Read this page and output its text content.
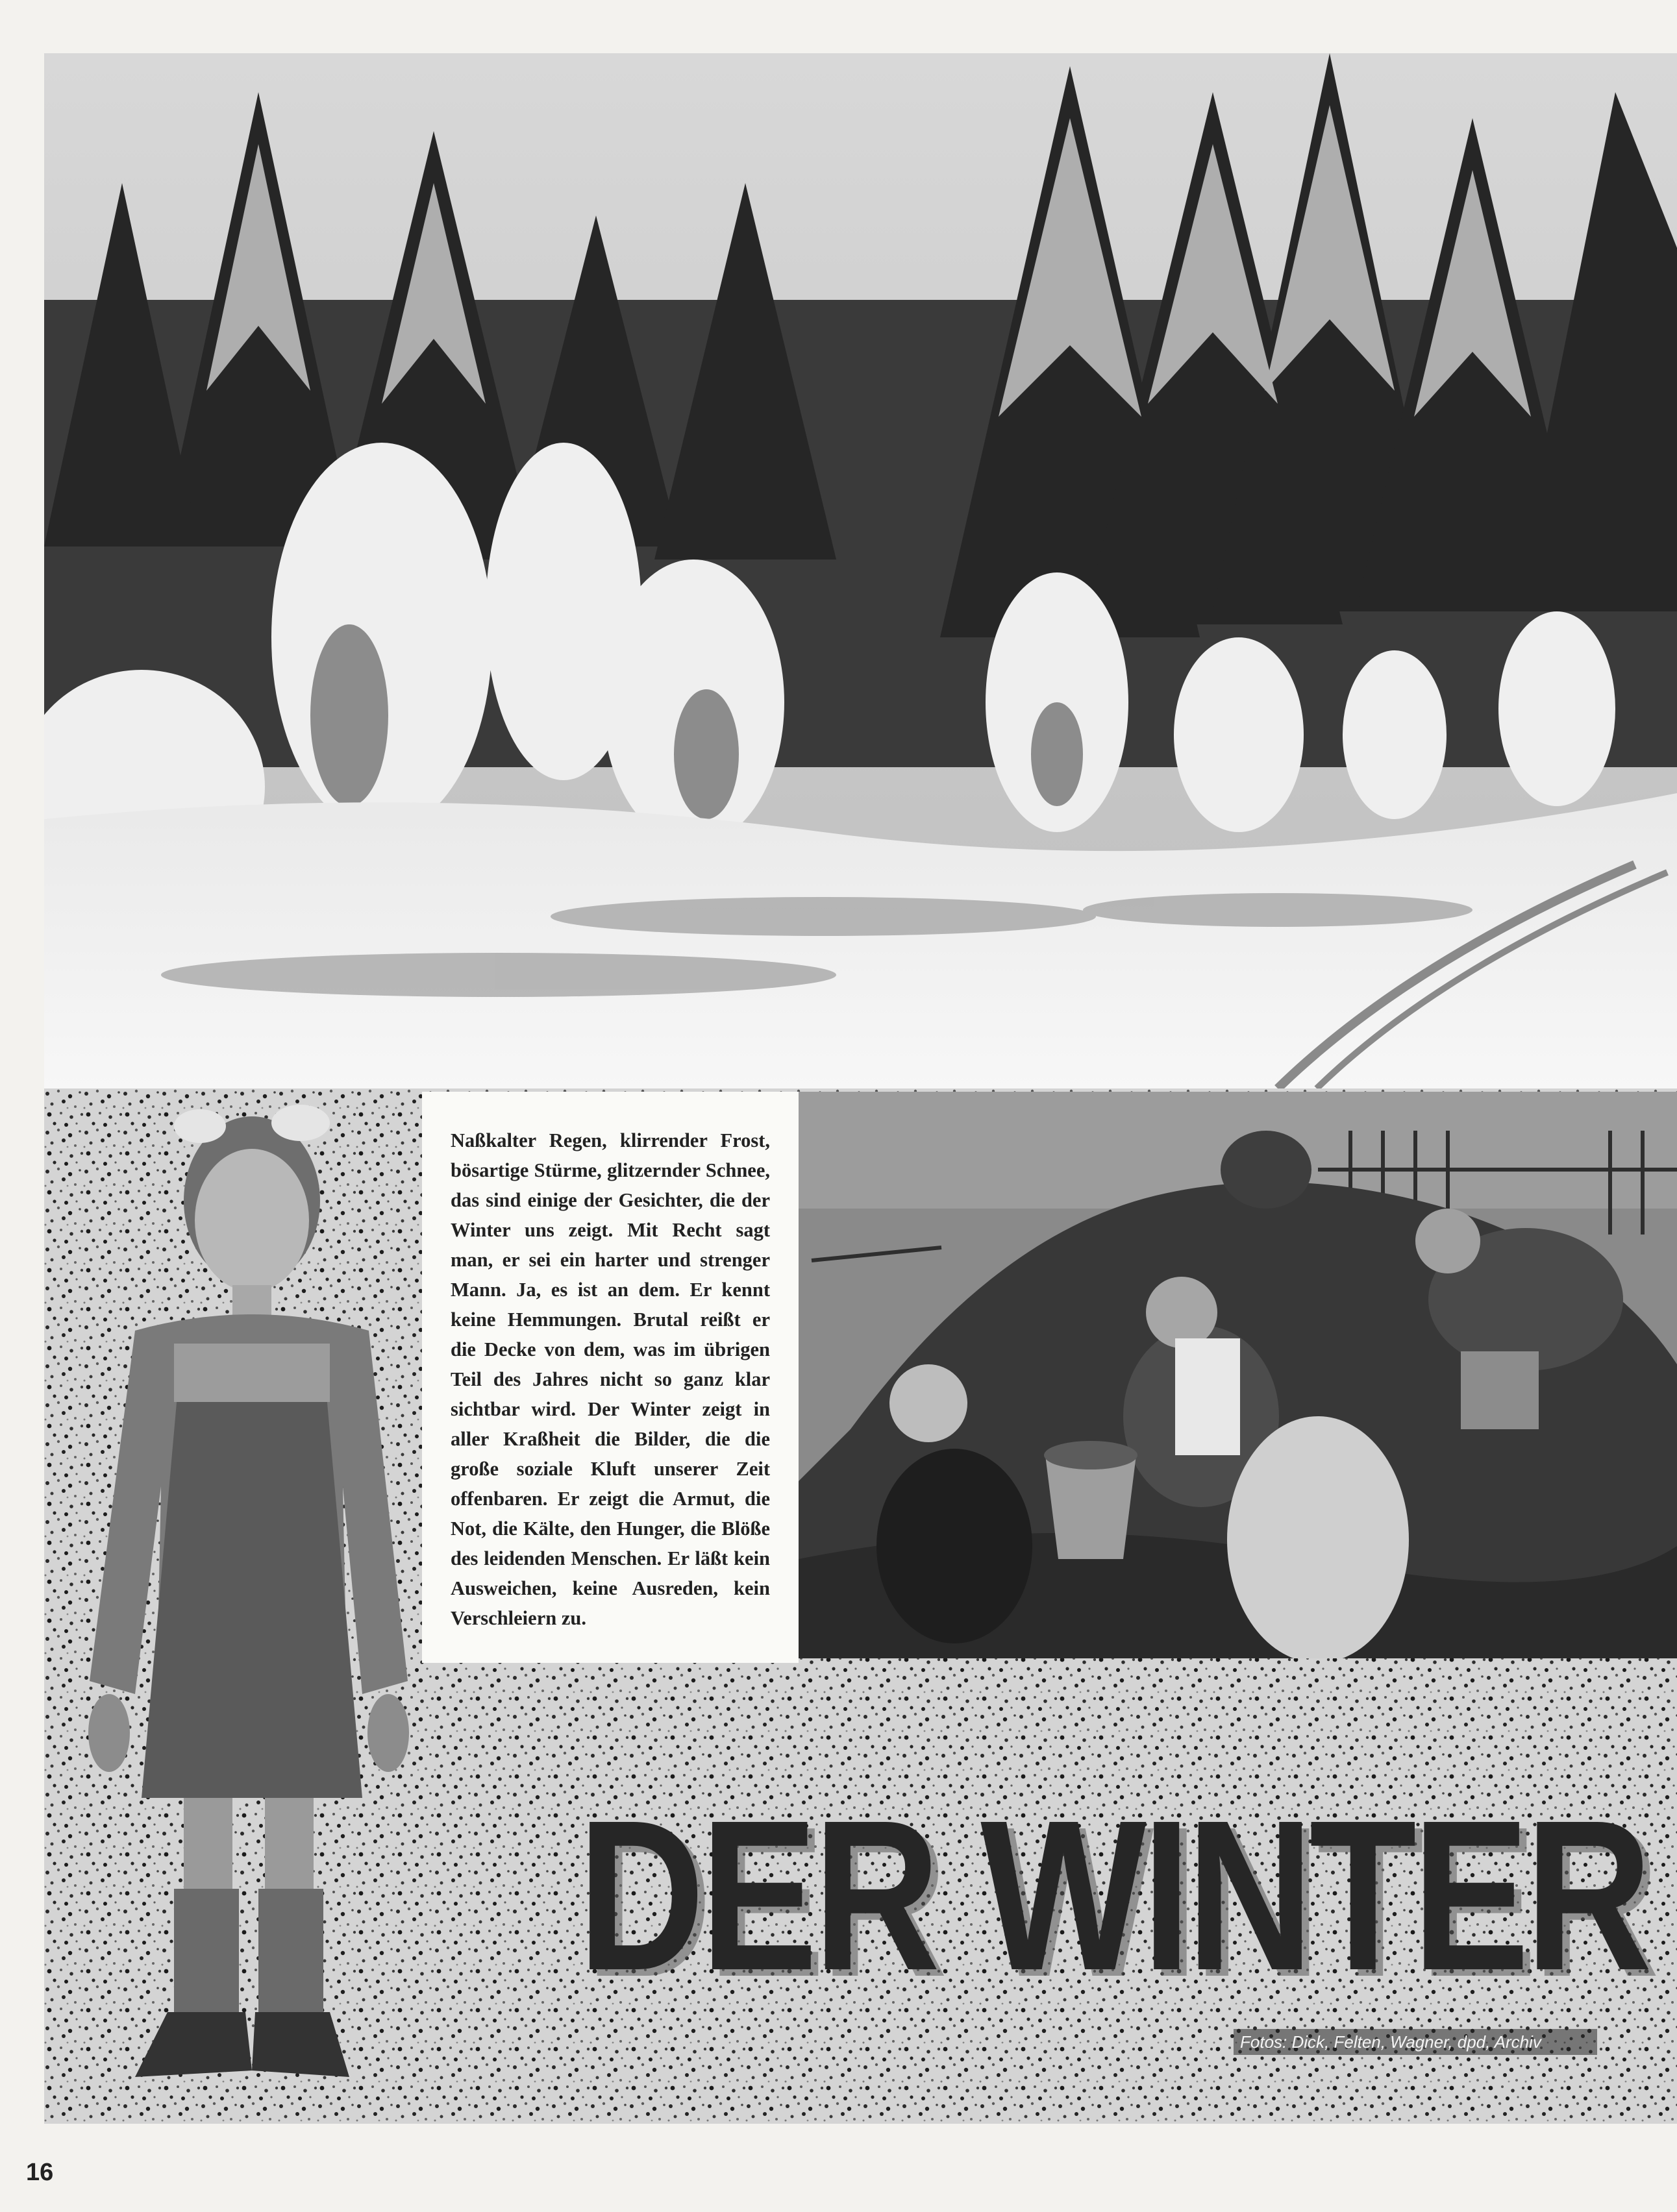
Naßkalter Regen, klirrender Frost, bösartige Stürme, glitzernder Schnee, das sind einige der Gesichter, die der Winter uns zeigt. Mit Recht sagt man, er sei ein harter und strenger Mann. Ja, es ist an dem. Er kennt keine Hemmungen. Brutal reißt er die Decke von dem, was im übrigen Teil des Jahres nicht so ganz klar sichtbar wird. Der Winter zeigt in aller Kraßheit die Bilder, die die große soziale Kluft unserer Zeit offenbaren. Er zeigt die Armut, die Not, die Kälte, den Hunger, die Blöße des leidenden Menschen. Er läßt kein Ausweichen, keine Ausreden, kein Verschleiern zu.

DER WINTER
Fotos: Dick, Felten, Wagner, dpd, Archiv
16
